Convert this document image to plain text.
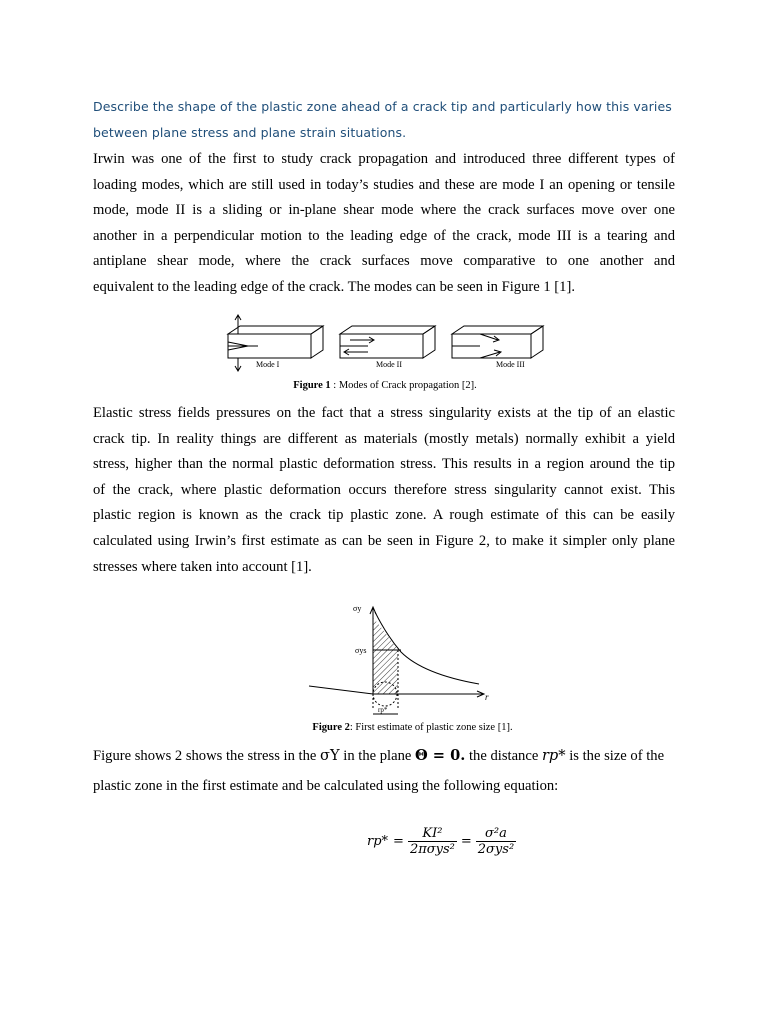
Describe the shape of the plastic zone ahead of a crack tip and particularly how this varies
between plane stress and plane strain situations.
Irwin was one of the first to study crack propagation and introduced three different types of
loading modes, which are still used in today’s studies and these are mode I an opening or tensile
mode, mode II is a sliding or in-plane shear mode where the crack surfaces move over one
another in a perpendicular motion to the leading edge of the crack, mode III is a tearing and
antiplane shear mode, where the crack surfaces move comparative to one another and
equivalent to the leading edge of the crack. The modes can be seen in Figure 1 [1].
Mode I	Mode II	Mode III
Figure 1 : Modes of Crack propagation [2].
Elastic stress fields pressures on the fact that a stress singularity exists at the tip of an elastic
crack tip. In reality things are different as materials (mostly metals) normally exhibit a yield
stress, higher than the normal plastic deformation stress. This results in a region around the tip
of the crack, where plastic deformation occurs therefore stress singularity cannot exist. This
plastic region is known as the crack tip plastic zone. A rough estimate of this can be easily
calculated using Irwin’s first estimate as can be seen in Figure 2, to make it simpler only plane
stresses where taken into account [1].
σy
σys
r
rp*
Figure 2: First estimate of plastic zone size [1].
Figure shows 2 shows the stress in the σY in the plane Θ = 0. the distance rp* is the size of the
plastic zone in the first estimate and be calculated using the following equation:
rp*	=	KI²	=	σ²a
		2πσys²		2σys²
